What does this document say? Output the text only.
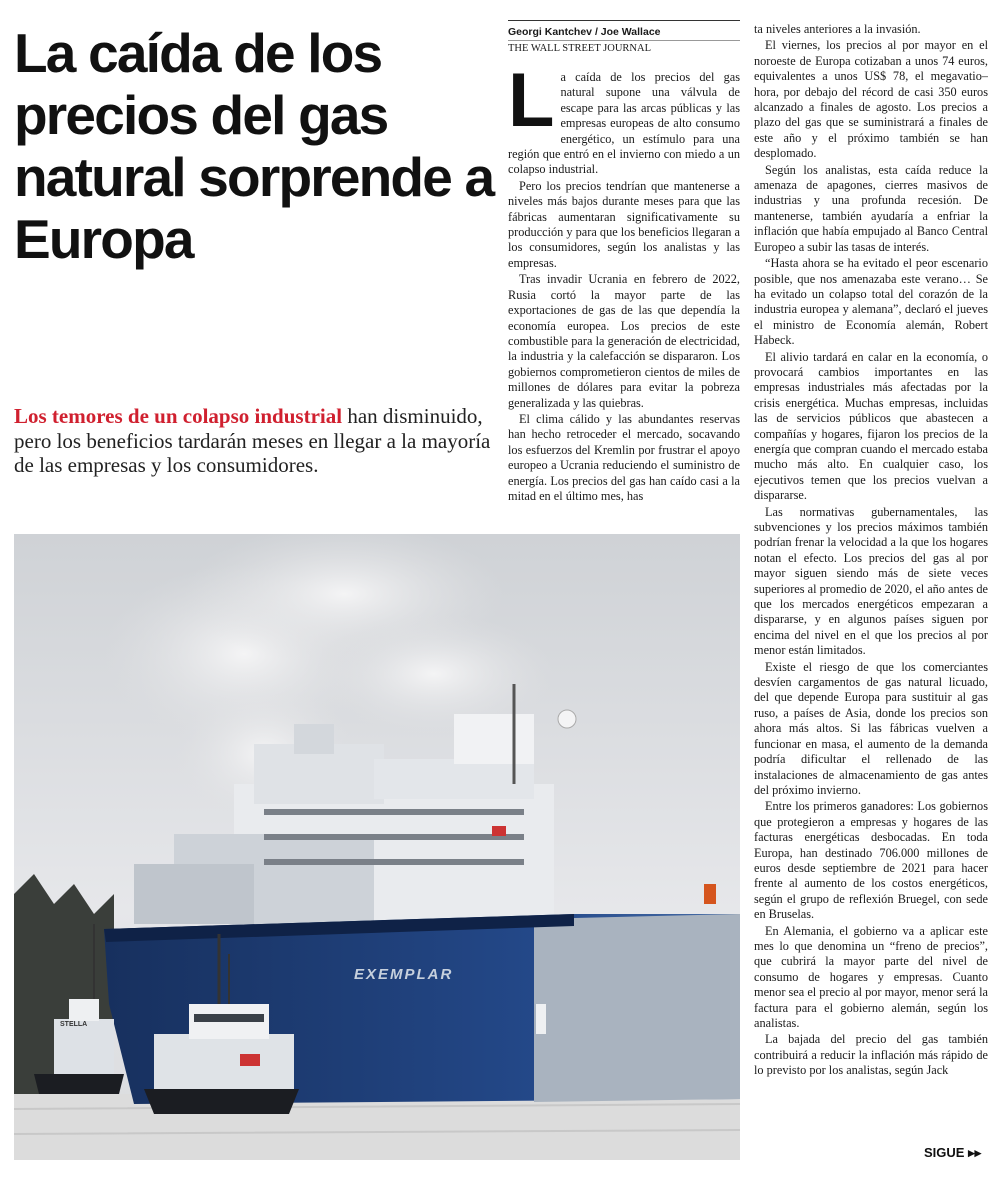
La caída de los precios del gas natural sorprende a Europa

Los temores de un colapso industrial han disminuido, pero los beneficios tardarán meses en llegar a la mayoría de las empresas y los consumidores.

Georgi Kantchev / Joe Wallace
THE WALL STREET JOURNAL
L a caída de los precios del gas natural supone una válvula de escape para las arcas públicas y las empresas europeas de alto consumo energético, un estímulo para una región que entró en el invierno con miedo a un colapso industrial.

Pero los precios tendrían que mantenerse a niveles más bajos durante meses para que las fábricas aumentaran significativamente su producción y para que los beneficios llegaran a los consumidores, según los analistas y las empresas.

Tras invadir Ucrania en febrero de 2022, Rusia cortó la mayor parte de las exportaciones de gas de las que dependía la economía europea. Los precios de este combustible para la generación de electricidad, la industria y la calefacción se dispararon. Los gobiernos comprometieron cientos de miles de millones de dólares para evitar la pobreza generalizada y las quiebras.

El clima cálido y las abundantes reservas han hecho retroceder el mercado, socavando los esfuerzos del Kremlin por frustrar el apoyo europeo a Ucrania reduciendo el suministro de energía. Los precios del gas han caído casi a la mitad en el último mes, has

ta niveles anteriores a la invasión.

El viernes, los precios al por mayor en el noroeste de Europa cotizaban a unos 74 euros, equivalentes a unos US$ 78, el megavatio–hora, por debajo del récord de casi 350 euros alcanzado a finales de agosto. Los precios a plazo del gas que se suministrará a finales de este año y el próximo también se han desplomado.

Según los analistas, esta caída reduce la amenaza de apagones, cierres masivos de industrias y una profunda recesión. De mantenerse, también ayudaría a enfriar la inflación que había empujado al Banco Central Europeo a subir las tasas de interés.

“Hasta ahora se ha evitado el peor escenario posible, que nos amenazaba este verano… Se ha evitado un colapso total del corazón de la industria europea y alemana”, declaró el jueves el ministro de Economía alemán, Robert Habeck.

El alivio tardará en calar en la economía, o provocará cambios importantes en las empresas industriales más afectadas por la crisis energética. Muchas empresas, incluidas las de servicios públicos que abastecen a compañías y hogares, fijaron los precios de la energía que compran cuando el mercado estaba mucho más alto. En cualquier caso, los ejecutivos temen que los precios vuelvan a dispararse.

Las normativas gubernamentales, las subvenciones y los precios máximos también podrían frenar la velocidad a la que los hogares notan el efecto. Los precios del gas al por mayor siguen siendo más de siete veces superiores al promedio de 2020, el año antes de que los mercados energéticos empezaran a dispararse, y en algunos países siguen por encima del nivel en el que los precios al por menor están limitados.

Existe el riesgo de que los comerciantes desvíen cargamentos de gas natural licuado, del que depende Europa para sustituir al gas ruso, a países de Asia, donde los precios son ahora más altos. Si las fábricas vuelven a funcionar en masa, el aumento de la demanda podría dificultar el rellenado de las instalaciones de almacenamiento de gas antes del próximo invierno.

Entre los primeros ganadores: Los gobiernos que protegieron a empresas y hogares de las facturas energéticas desbocadas. En toda Europa, han destinado 706.000 millones de euros desde septiembre de 2021 para hacer frente al aumento de los costos energéticos, según el grupo de reflexión Bruegel, con sede en Bruselas.

En Alemania, el gobierno va a aplicar este mes lo que denomina un “freno de precios”, que cubrirá la mayor parte del nivel de consumo de hogares y empresas. Cuanto menor sea el precio al por mayor, menor será la factura para el gobierno alemán, según los analistas.

La bajada del precio del gas también contribuirá a reducir la inflación más rápido de lo previsto por los analistas, según Jack

EXEMPLAR
STELLA
SIGUE ▸▸
